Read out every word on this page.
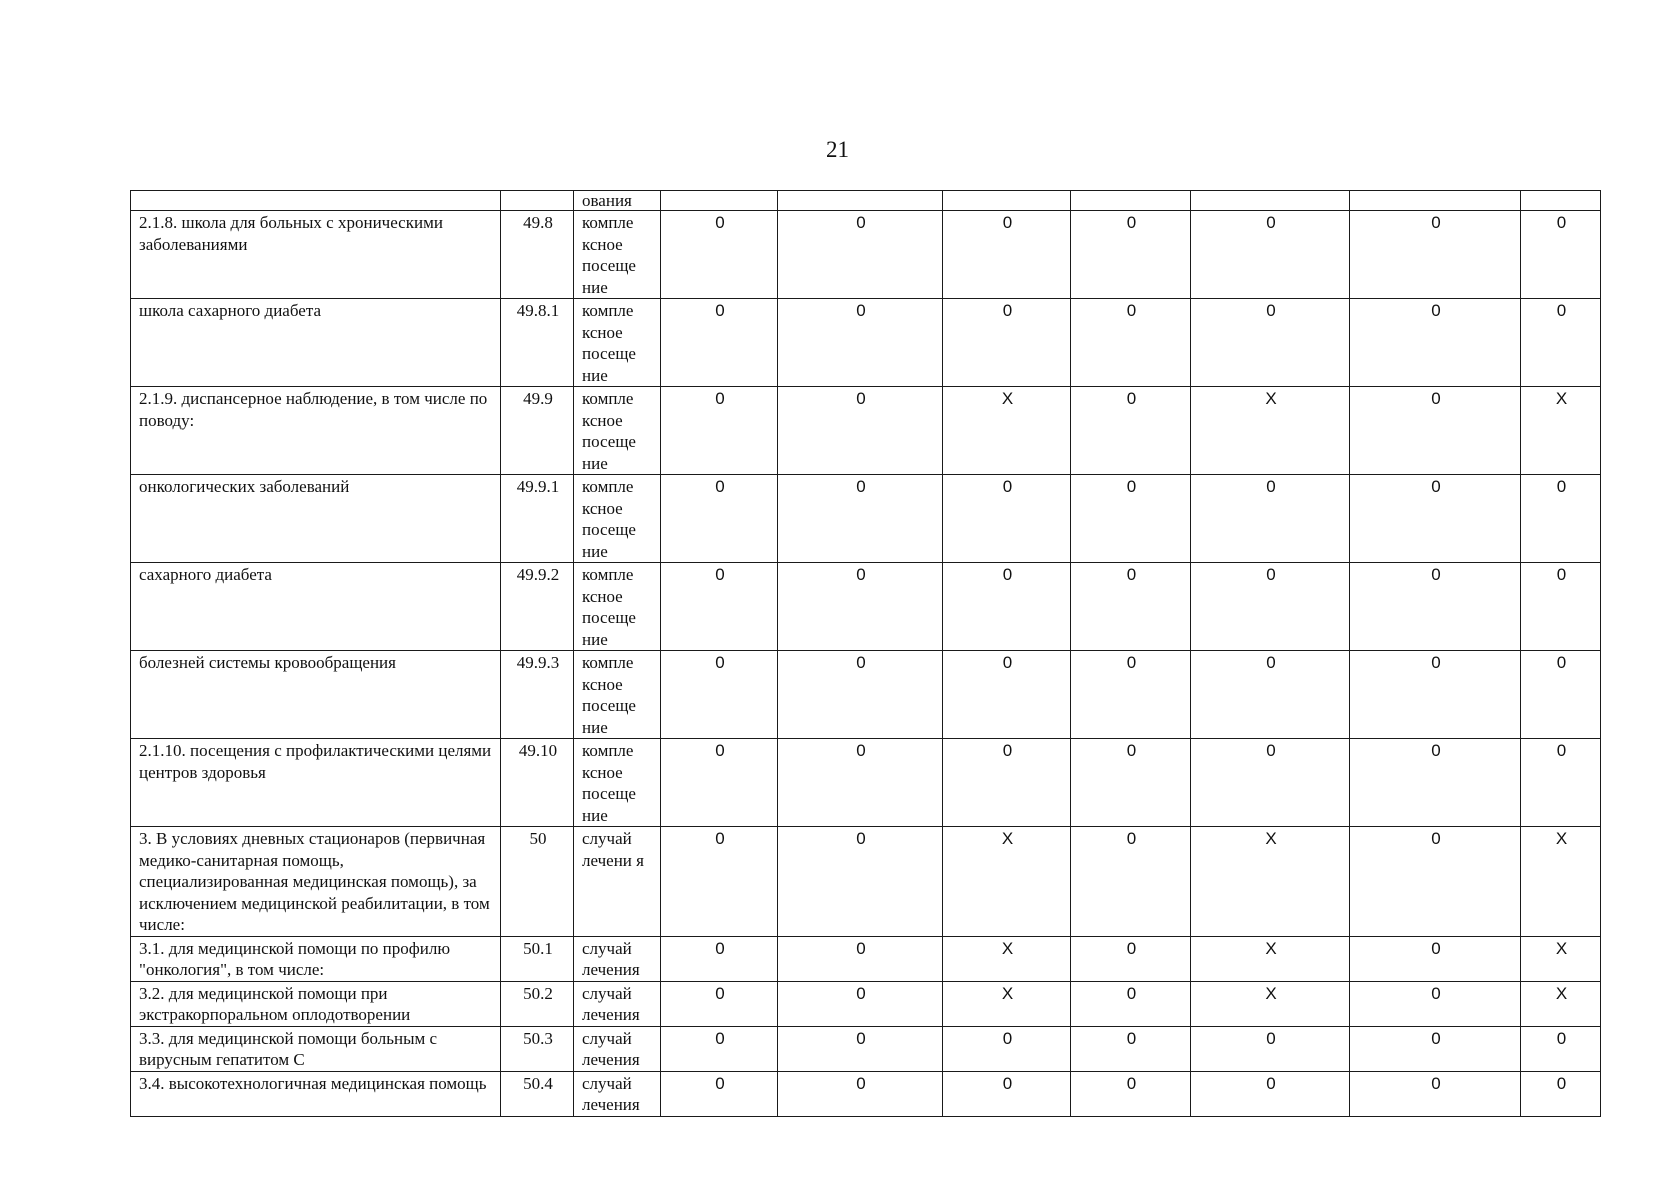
21
		ования							
2.1.8. школа для больных с хроническими заболеваниями	49.8	компле ксное посеще ние	0	0	0	0	0	0	0
школа сахарного диабета	49.8.1	компле ксное посеще ние	0	0	0	0	0	0	0
2.1.9. диспансерное наблюдение, в том числе по поводу:	49.9	компле ксное посеще ние	0	0	X	0	X	0	X
онкологических заболеваний	49.9.1	компле ксное посеще ние	0	0	0	0	0	0	0
сахарного диабета	49.9.2	компле ксное посеще ние	0	0	0	0	0	0	0
болезней системы кровообращения	49.9.3	компле ксное посеще ние	0	0	0	0	0	0	0
2.1.10. посещения с профилактическими целями центров здоровья	49.10	компле ксное посеще ние	0	0	0	0	0	0	0
3. В условиях дневных стационаров (первичная медико-санитарная помощь, специализированная медицинская помощь), за исключением медицинской реабилитации, в том числе:	50	случай лечени я	0	0	X	0	X	0	X
3.1. для медицинской помощи по профилю "онкология", в том числе:	50.1	случай лечения	0	0	X	0	X	0	X
3.2. для медицинской помощи при экстракорпоральном оплодотворении	50.2	случай лечения	0	0	X	0	X	0	X
3.3. для медицинской помощи больным с вирусным гепатитом С	50.3	случай лечения	0	0	0	0	0	0	0
3.4. высокотехнологичная медицинская помощь	50.4	случай лечения	0	0	0	0	0	0	0
